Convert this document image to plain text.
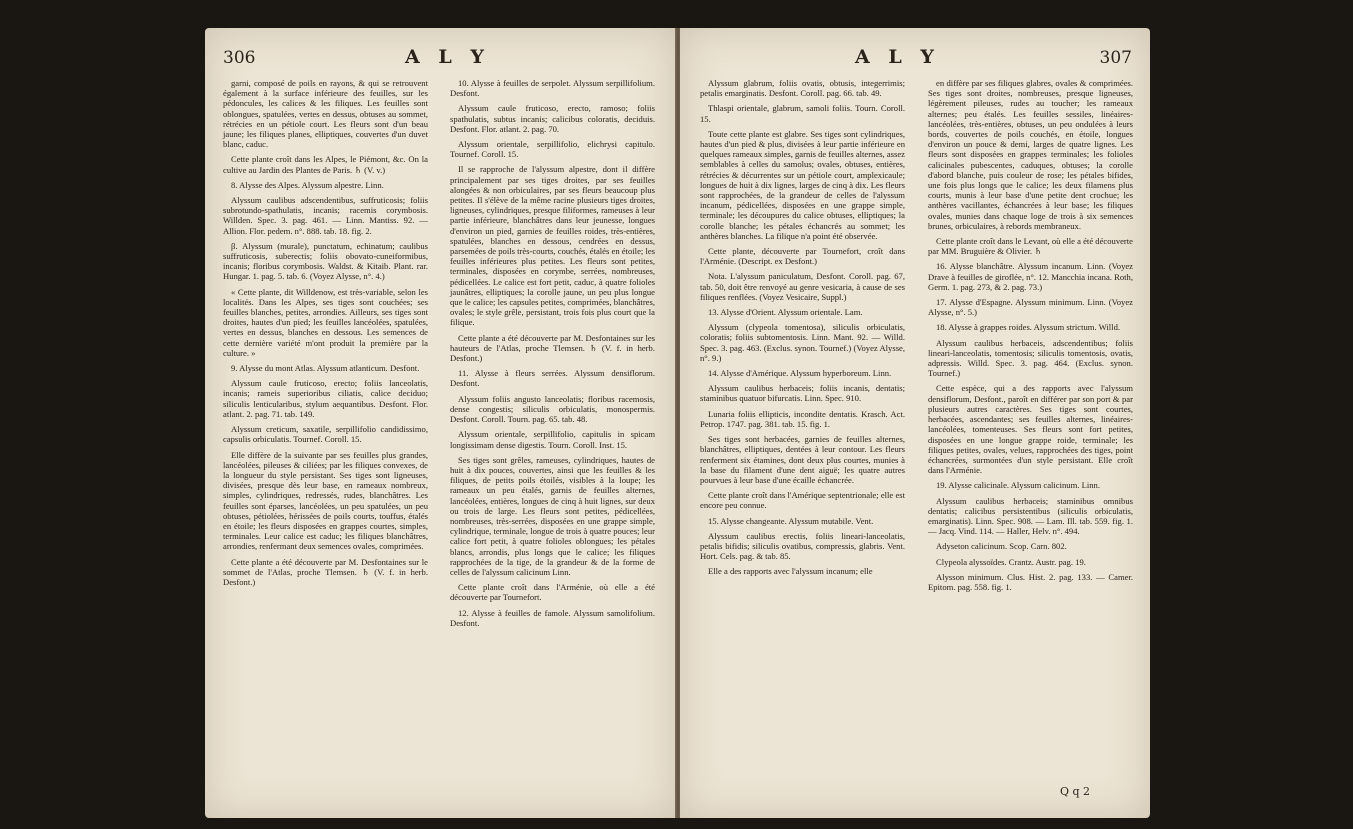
306	A L Y

garni, composé de poils en rayons, & qui se retrouvent également à la surface inférieure des feuilles, sur les pédoncules, les calices & les filiques. Les feuilles sont oblongues, spatulées, vertes en dessus, obtuses au sommet, rétrécies en un pétiole court. Les fleurs sont d'un beau jaune; les filiques planes, elliptiques, couvertes d'un duvet blanc, caduc.

Cette plante croît dans les Alpes, le Piémont, &c. On la cultive au Jardin des Plantes de Paris. ♄ (V. v.)

8. Alysse des Alpes. Alyssum alpestre. Linn.

Alyssum caulibus adscendentibus, suffruticosis; foliis subrotundo-spathulatis, incanis; racemis corymbosis. Willden. Spec. 3. pag. 461. — Linn. Mantiss. 92. — Allion. Flor. pedem. n°. 888. tab. 18. fig. 2.

β. Alyssum (murale), punctatum, echinatum; caulibus suffruticosis, suberectis; foliis obovato-cuneiformibus, incanis; floribus corymbosis. Waldst. & Kitaib. Plant. rar. Hungar. 1. pag. 5. tab. 6. (Voyez Alysse, n°. 4.)

« Cette plante, dit Willdenow, est très-variable, selon les localités. Dans les Alpes, ses tiges sont couchées; ses feuilles blanches, petites, arrondies. Ailleurs, ses tiges sont droites, hautes d'un pied; les feuilles lancéolées, spatulées, vertes en dessus, blanches en dessous. Les semences de cette dernière variété m'ont produit la première par la culture. »

9. Alysse du mont Atlas. Alyssum atlanticum. Desfont.

Alyssum caule fruticoso, erecto; foliis lanceolatis, incanis; rameis superioribus ciliatis, calice deciduo; siliculis lenticularibus, stylum aequantibus. Desfont. Flor. atlant. 2. pag. 71. tab. 149.

Alyssum creticum, saxatile, serpillifolio candidissimo, capsulis orbiculatis. Tournef. Coroll. 15.

Elle diffère de la suivante par ses feuilles plus grandes, lancéolées, pileuses & ciliées; par les filiques convexes, de la longueur du style persistant. Ses tiges sont ligneuses, divisées, presque dès leur base, en rameaux nombreux, simples, cylindriques, redressés, rudes, blanchâtres. Les feuilles sont éparses, lancéolées, un peu spatulées, un peu obtuses, pétiolées, hérissées de poils courts, touffus, étalés en étoile; les fleurs disposées en grappes courtes, simples, terminales. Leur calice est caduc; les filiques blanchâtres, arrondies, renfermant deux semences ovales, comprimées.

Cette plante a été découverte par M. Desfontaines sur le sommet de l'Atlas, proche Tlemsen. ♄ (V. f. in herb. Desfont.)

10. Alysse à feuilles de serpolet. Alyssum serpillifolium. Desfont.

Alyssum caule fruticoso, erecto, ramoso; foliis spathulatis, subtus incanis; calicibus coloratis, deciduis. Desfont. Flor. atlant. 2. pag. 70.

Alyssum orientale, serpillifolio, elichrysi capitulo. Tournef. Coroll. 15.

Il se rapproche de l'alyssum alpestre, dont il diffère principalement par ses tiges droites, par ses feuilles alongées & non orbiculaires, par ses fleurs beaucoup plus petites. Il s'élève de la même racine plusieurs tiges droites, ligneuses, cylindriques, presque filiformes, rameuses à leur partie inférieure, blanchâtres dans leur jeunesse, longues d'environ un pied, garnies de feuilles roides, très-entières, spatulées, blanches en dessous, cendrées en dessus, parsemées de poils très-courts, couchés, étalés en étoile; les feuilles inférieures plus petites. Les fleurs sont petites, terminales, disposées en corymbe, serrées, nombreuses, pédicellées. Le calice est fort petit, caduc, à quatre folioles jaunâtres, elliptiques; la corolle jaune, un peu plus longue que le calice; les capsules petites, comprimées, blanchâtres, ovales; le style grêle, persistant, trois fois plus court que la filique.

Cette plante a été découverte par M. Desfontaines sur les hauteurs de l'Atlas, proche Tlemsen. ♄ (V. f. in herb. Desfont.)

11. Alysse à fleurs serrées. Alyssum densiflorum. Desfont.

Alyssum foliis angusto lanceolatis; floribus racemosis, dense congestis; siliculis orbiculatis, monospermis. Desfont. Coroll. Tourn. pag. 65. tab. 48.

Alyssum orientale, serpillifolio, capitulis in spicam longissimam dense digestis. Tourn. Coroll. Inst. 15.

Ses tiges sont grêles, rameuses, cylindriques, hautes de huit à dix pouces, couvertes, ainsi que les feuilles & les filiques, de petits poils étoilés, visibles à la loupe; les rameaux un peu étalés, garnis de feuilles alternes, lancéolées, entières, longues de cinq à huit lignes, sur deux ou trois de large. Les fleurs sont petites, pédicellées, nombreuses, très-serrées, disposées en une grappe simple, cylindrique, terminale, longue de trois à quatre pouces; leur calice fort petit, à quatre folioles oblongues; les pétales blancs, arrondis, plus longs que le calice; les filiques rapprochées de la tige, de la grandeur & de la forme de celles de l'alyssum calicinum Linn.

Cette plante croît dans l'Arménie, où elle a été découverte par Tournefort.

12. Alysse à feuilles de famole. Alyssum samolifolium. Desfont.

A L Y	307

Alyssum glabrum, foliis ovatis, obtusis, integerrimis; petalis emarginatis. Desfont. Coroll. pag. 66. tab. 49.

Thlaspi orientale, glabrum, samoli foliis. Tourn. Coroll. 15.

Toute cette plante est glabre. Ses tiges sont cylindriques, hautes d'un pied & plus, divisées à leur partie inférieure en quelques rameaux simples, garnis de feuilles alternes, assez semblables à celles du samolus; ovales, obtuses, entières, rétrécies & décurrentes sur un pétiole court, amplexicaule; longues de huit à dix lignes, larges de cinq à dix. Les fleurs sont rapprochées, de la grandeur de celles de l'alyssum incanum, pédicellées, disposées en une grappe simple, terminale; les découpures du calice obtuses, elliptiques; la corolle blanche; les pétales échancrés au sommet; les anthères blanches. La filique n'a point été observée.

Cette plante, découverte par Tournefort, croît dans l'Arménie. (Descript. ex Desfont.)

Nota. L'alyssum paniculatum, Desfont. Coroll. pag. 67, tab. 50, doit être renvoyé au genre vesicaria, à cause de ses filiques renflées. (Voyez Vesicaire, Suppl.)

13. Alysse d'Orient. Alyssum orientale. Lam.

Alyssum (clypeola tomentosa), siliculis orbiculatis, coloratis; foliis subtomentosis. Linn. Mant. 92. — Willd. Spec. 3. pag. 463. (Exclus. synon. Tournef.) (Voyez Alysse, n°. 9.)

14. Alysse d'Amérique. Alyssum hyperboreum. Linn.

Alyssum caulibus herbaceis; foliis incanis, dentatis; staminibus quatuor bifurcatis. Linn. Spec. 910.

Lunaria foliis ellipticis, incondite dentatis. Krasch. Act. Petrop. 1747. pag. 381. tab. 15. fig. 1.

Ses tiges sont herbacées, garnies de feuilles alternes, blanchâtres, elliptiques, dentées à leur contour. Les fleurs renferment six étamines, dont deux plus courtes, munies à la base du filament d'une dent aiguë; les quatre autres pourvues à leur base d'une écaille échancrée.

Cette plante croît dans l'Amérique septentrionale; elle est encore peu connue.

15. Alysse changeante. Alyssum mutabile. Vent.

Alyssum caulibus erectis, foliis lineari-lanceolatis, petalis bifidis; siliculis ovatibus, compressis, glabris. Vent. Hort. Cels. pag. & tab. 85.

Elle a des rapports avec l'alyssum incanum; elle

en diffère par ses filiques glabres, ovales & comprimées. Ses tiges sont droites, nombreuses, presque ligneuses, légèrement pileuses, rudes au toucher; les rameaux alternes; peu étalés. Les feuilles sessiles, linéaires-lancéolées, très-entières, obtuses, un peu ondulées à leurs bords, couvertes de poils couchés, en étoile, longues d'environ un pouce & demi, larges de quatre lignes. Les fleurs sont disposées en grappes terminales; les folioles calicinales pubescentes, caduques, obtuses; la corolle d'abord blanche, puis couleur de rose; les pétales bifides, une fois plus longs que le calice; les deux filamens plus courts, munis à leur base d'une petite dent crochue; les anthères vacillantes, échancrées à leur base; les filiques ovales, munies dans chaque loge de trois à six semences brunes, orbiculaires, à rebords membraneux.

Cette plante croît dans le Levant, où elle a été découverte par MM. Bruguière & Olivier. ♄

16. Alysse blanchâtre. Alyssum incanum. Linn. (Voyez Drave à feuilles de giroflée, n°. 12. Mancchia incana. Roth, Germ. 1. pag. 273, & 2. pag. 73.)

17. Alysse d'Espagne. Alyssum minimum. Linn. (Voyez Alysse, n°. 5.)

18. Alysse à grappes roides. Alyssum strictum. Willd.

Alyssum caulibus herbaceis, adscendentibus; foliis lineari-lanceolatis, tomentosis; siliculis tomentosis, ovatis, adpressis. Willd. Spec. 3. pag. 464. (Exclus. synon. Tournef.)

Cette espèce, qui a des rapports avec l'alyssum densiflorum, Desfont., paroît en différer par son port & par plusieurs autres caractères. Ses tiges sont courtes, herbacées, ascendantes; ses feuilles alternes, linéaires-lancéolées, tomenteuses. Ses fleurs sont fort petites, disposées en une longue grappe roide, terminale; les filiques petites, ovales, velues, rapprochées des tiges, point échancrées, surmontées d'un style persistant. Elle croît dans l'Arménie.

19. Alysse calicinale. Alyssum calicinum. Linn.

Alyssum caulibus herbaceis; staminibus omnibus dentatis; calicibus persistentibus (siliculis orbiculatis, emarginatis). Linn. Spec. 908. — Lam. Ill. tab. 559. fig. 1. — Jacq. Vind. 114. — Haller, Helv. n°. 494.

Adyseton calicinum. Scop. Carn. 802.

Clypeola alyssoïdes. Crantz. Austr. pag. 19.

Alysson minimum. Clus. Hist. 2. pag. 133. — Camer. Epitom. pag. 558. fig. 1.

Q q 2
